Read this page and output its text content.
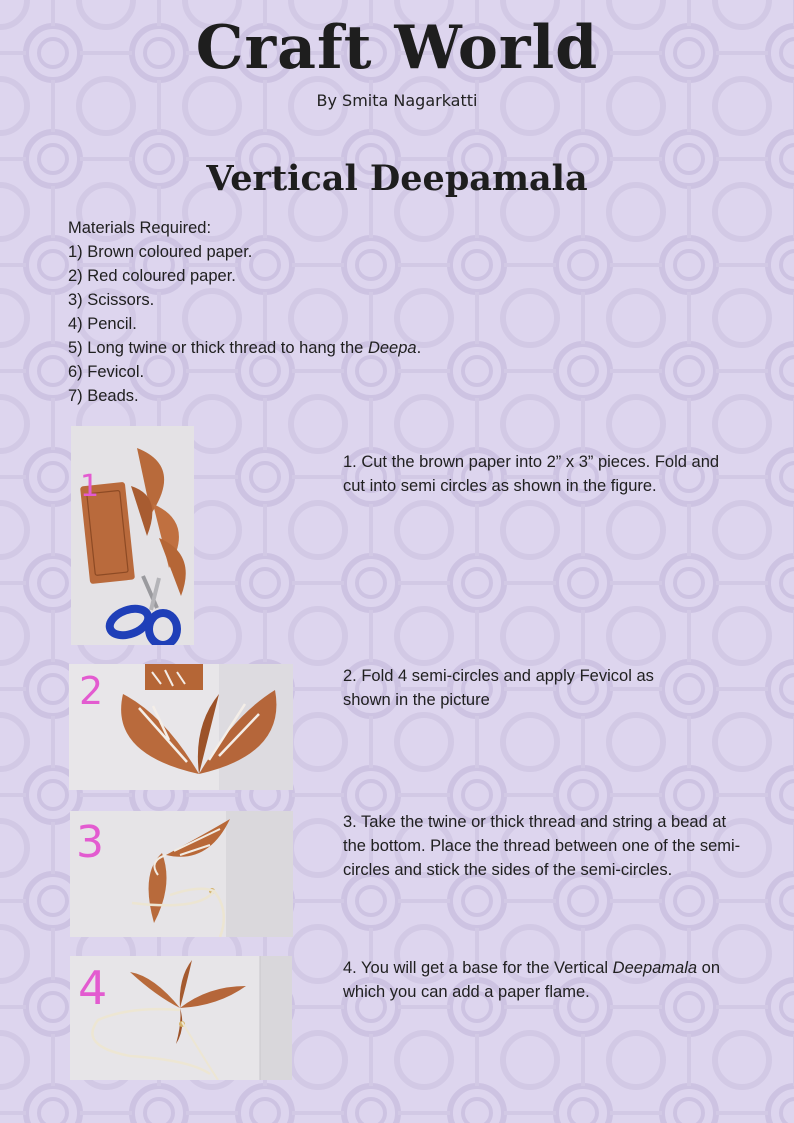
Craft World
By Smita Nagarkatti
Vertical Deepamala
Materials Required:
1) Brown coloured paper.
2) Red coloured paper.
3) Scissors.
4) Pencil.
5) Long twine or thick thread to hang the Deepa.
6) Fevicol.
7) Beads.
1
1. Cut the brown paper into 2” x 3” pieces. Fold and cut into semi circles as shown in the figure.
2	2. Fold 4 semi-circles and apply Fevicol as shown in the picture
3	3. Take the twine or thick thread and string a bead at the bottom. Place the thread between one of the semi-circles and stick the sides of the semi-circles.
4	4. You will get a base for the Vertical Deepamala on which you can add a paper flame.
